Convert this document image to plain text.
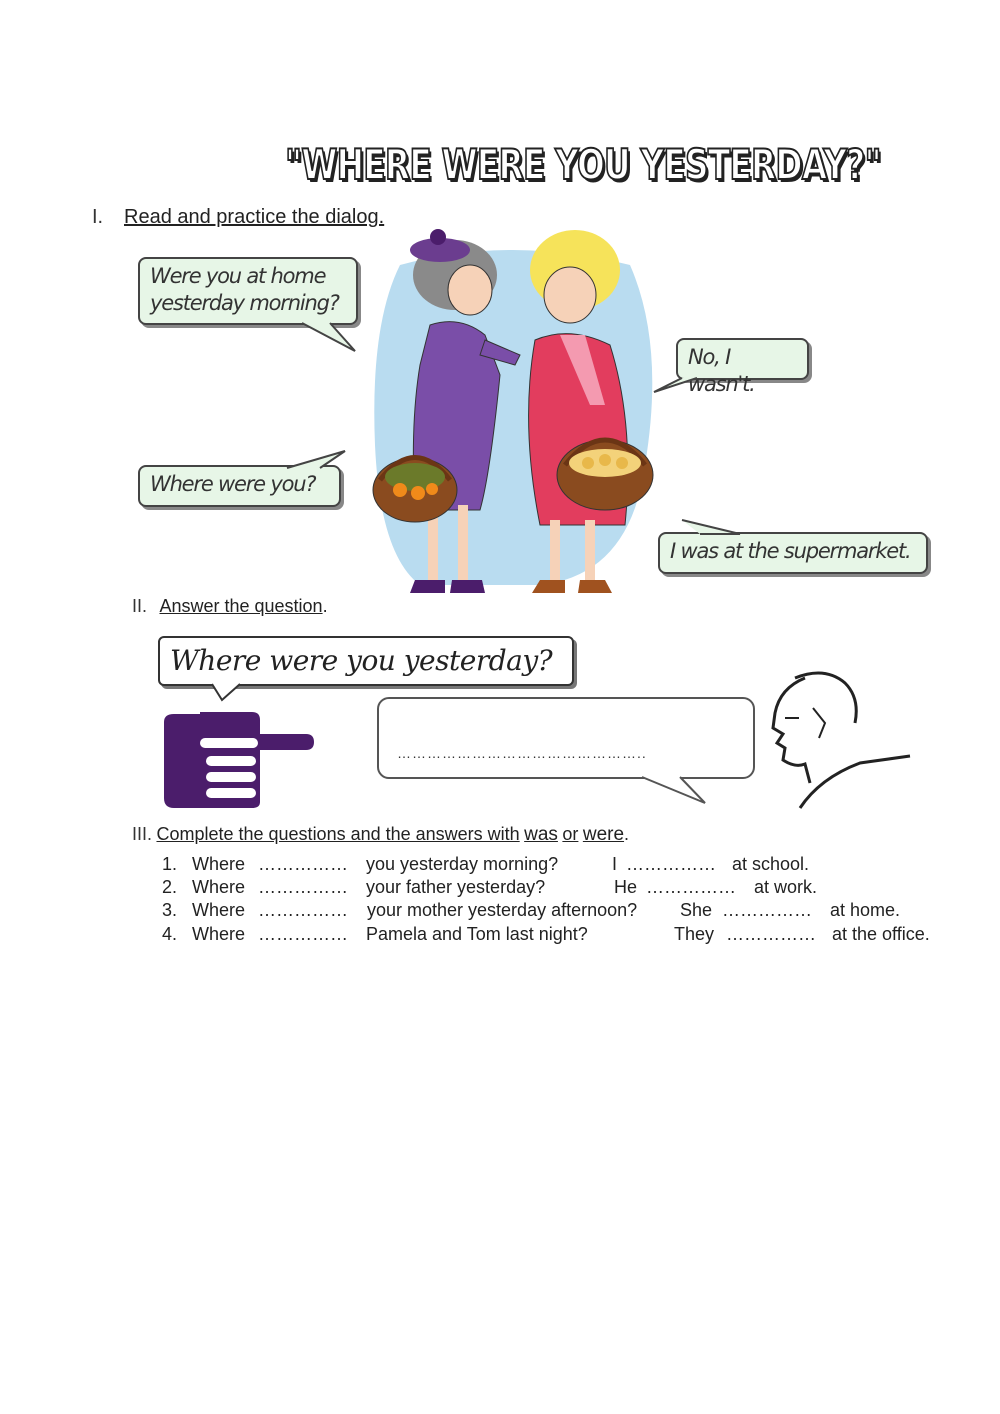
"WHERE WERE YOU YESTERDAY?"
I. Read and practice the dialog.
Were you at home yesterday morning?
No, I wasn't.
Where were you?
I was at the supermarket.
II. Answer the question.
Where were you yesterday?
…………………………………………..
III. Complete the questions and the answers with was or were.
1. Where …………… you yesterday morning?	I …………… at school.
2. Where …………… your father yesterday?	He …………… at work.
3. Where …………… your mother yesterday afternoon? She …………… at home.
4. Where …………… Pamela and Tom last night?	They …………… at the office.
